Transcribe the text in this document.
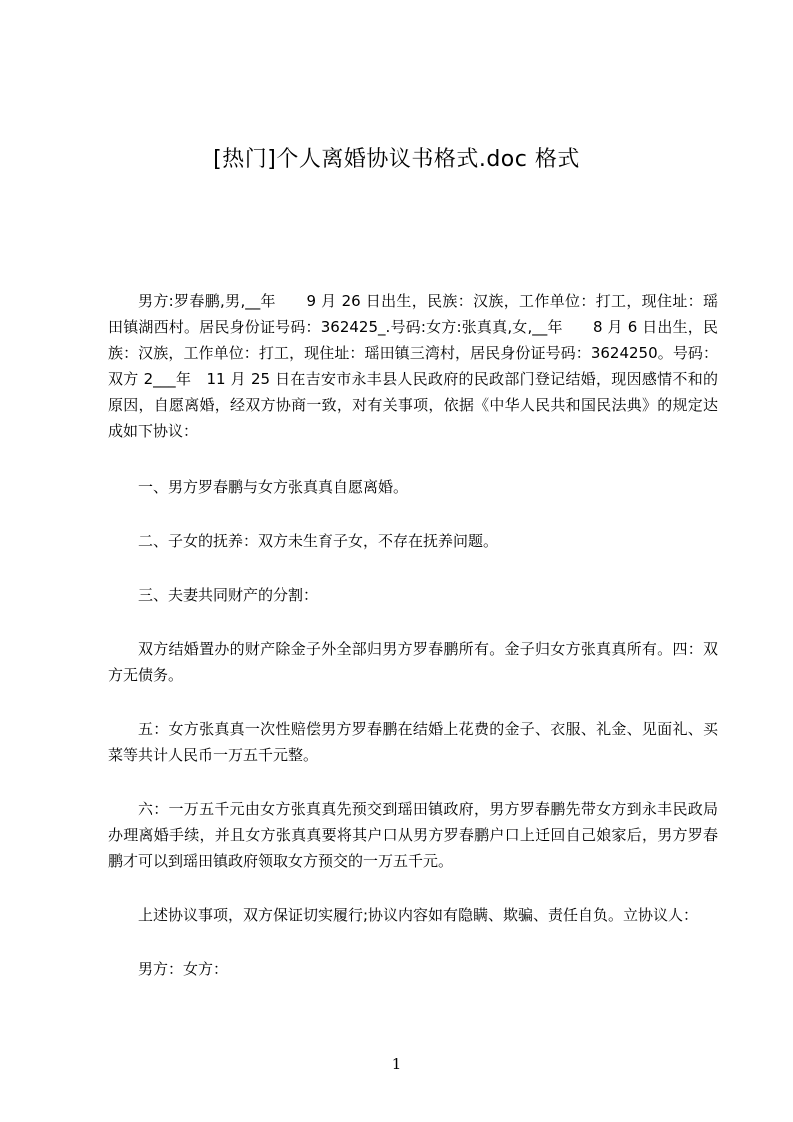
[热门]个人离婚协议书格式.doc 格式

男方:罗春鹏,男,__年　　9 月 26 日出生，民族：汉族，工作单位：打工，现住址：瑶田镇湖西村。居民身份证号码：362425_.号码:女方:张真真,女,__年　　8 月 6 日出生，民族：汉族，工作单位：打工，现住址：瑶田镇三湾村，居民身份证号码：3624250。号码：双方 2___年　11 月 25 日在吉安市永丰县人民政府的民政部门登记结婚，现因感情不和的原因，自愿离婚，经双方协商一致，对有关事项，依据《中华人民共和国民法典》的规定达成如下协议：

一、男方罗春鹏与女方张真真自愿离婚。

二、子女的抚养：双方未生育子女，不存在抚养问题。

三、夫妻共同财产的分割：

双方结婚置办的财产除金子外全部归男方罗春鹏所有。金子归女方张真真所有。四：双方无债务。

五：女方张真真一次性赔偿男方罗春鹏在结婚上花费的金子、衣服、礼金、见面礼、买菜等共计人民币一万五千元整。

六：一万五千元由女方张真真先预交到瑶田镇政府，男方罗春鹏先带女方到永丰民政局办理离婚手续，并且女方张真真要将其户口从男方罗春鹏户口上迁回自己娘家后，男方罗春鹏才可以到瑶田镇政府领取女方预交的一万五千元。

上述协议事项，双方保证切实履行;协议内容如有隐瞒、欺骗、责任自负。立协议人：

男方：女方：

1
